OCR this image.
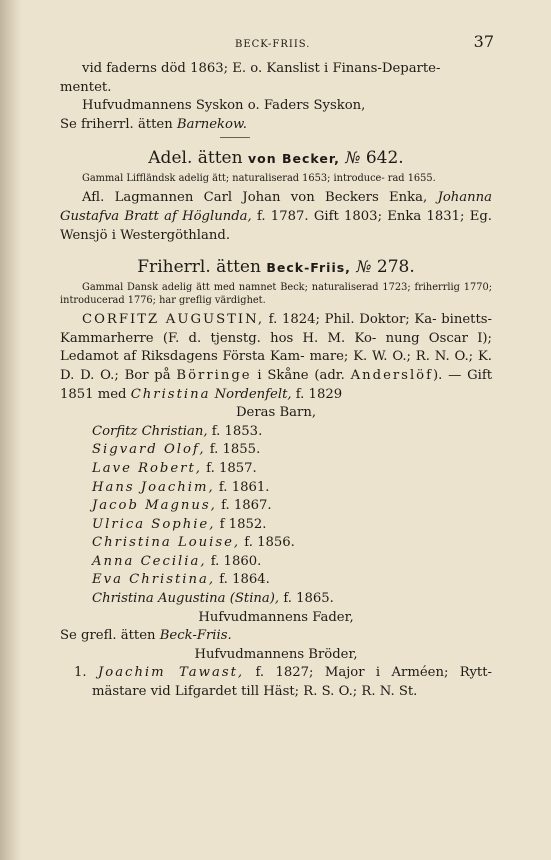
BECK-FRIIS.	37

vid faderns död 1863; E. o. Kanslist i Finans-Departe-

mentet.

Hufvudmannens Syskon o. Faders Syskon,

Se friherrl. ätten Barnekow.

Adel. ätten von Becker, № 642.

Gammal Liffländsk adelig ätt; naturaliserad 1653; introduce- rad 1655.

Afl. Lagmannen Carl Johan von Beckers Enka, Johanna Gustafva Bratt af Höglunda, f. 1787. Gift 1803; Enka 1831; Eg. Wensjö i Westergöthland.

Friherrl. ätten Beck-Friis, № 278.

Gammal Dansk adelig ätt med namnet Beck; naturaliserad 1723; friherrlig 1770; introducerad 1776; har greflig värdighet.

CORFITZ AUGUSTIN, f. 1824; Phil. Doktor; Ka- binetts-Kammarherre (F. d. tjenstg. hos H. M. Ko- nung Oscar I); Ledamot af Riksdagens Första Kam- mare; K. W. O.; R. N. O.; K. D. D. O.; Bor på Börringe i Skåne (adr. Anderslöf). — Gift 1851 med Christina Nordenfelt, f. 1829

Deras Barn,

Corfitz Christian, f. 1853.

Sigvard Olof, f. 1855.

Lave Robert, f. 1857.

Hans Joachim, f. 1861.

Jacob Magnus, f. 1867.

Ulrica Sophie, f 1852.

Christina Louise, f. 1856.

Anna Cecilia, f. 1860.

Eva Christina, f. 1864.

Christina Augustina (Stina), f. 1865.

Hufvudmannens Fader,

Se grefl. ätten Beck-Friis.

Hufvudmannens Bröder,

1. Joachim Tawast, f. 1827; Major i Arméen; Rytt- mästare vid Lifgardet till Häst; R. S. O.; R. N. St.
